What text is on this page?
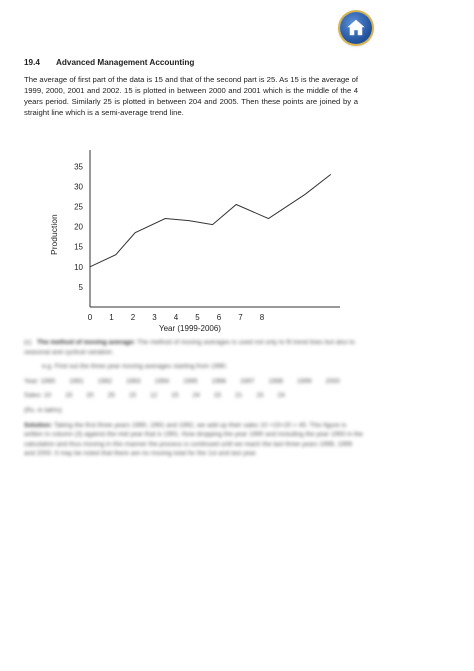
19.4 Advanced Management Accounting
The average of first part of the data is 15 and that of the second part is 25. As 15 is the average of 1999, 2000, 2001 and 2002. 15 is plotted in between 2000 and 2001 which is the middle of the 4 years period. Similarly 25 is plotted in between 204 and 2005. Then these points are joined by a straight line which is a semi-average trend line.
5
10
15
20
25
30
35
0 1 2 3 4 5 6 7 8
Year (1999-2006)
Production

(c) The method of moving average: The method of moving averages is used not only to fit trend lines but also to seasonal and cyclical variation.

e.g. Find out the three year moving averages starting from 1990.

Year: 1990 1991 1992 1993 1994 1995 1996 1997 1998 1999 2000

Sales: 10 15 20 25 15 12 15 24 15 21 15 24

(Rs. in lakhs)

Solution: Taking the first three years 1990, 1991 and 1992, we add up their sales 10 +15+20 = 45. This figure is written in column (3) against the mid year that is 1991. Now dropping the year 1990 and including the year 1993 in the calculation and thus moving in this manner the process is continued until we reach the last three years 1998, 1999 and 2000. It may be noted that there are no moving total for the 1st and last year.
